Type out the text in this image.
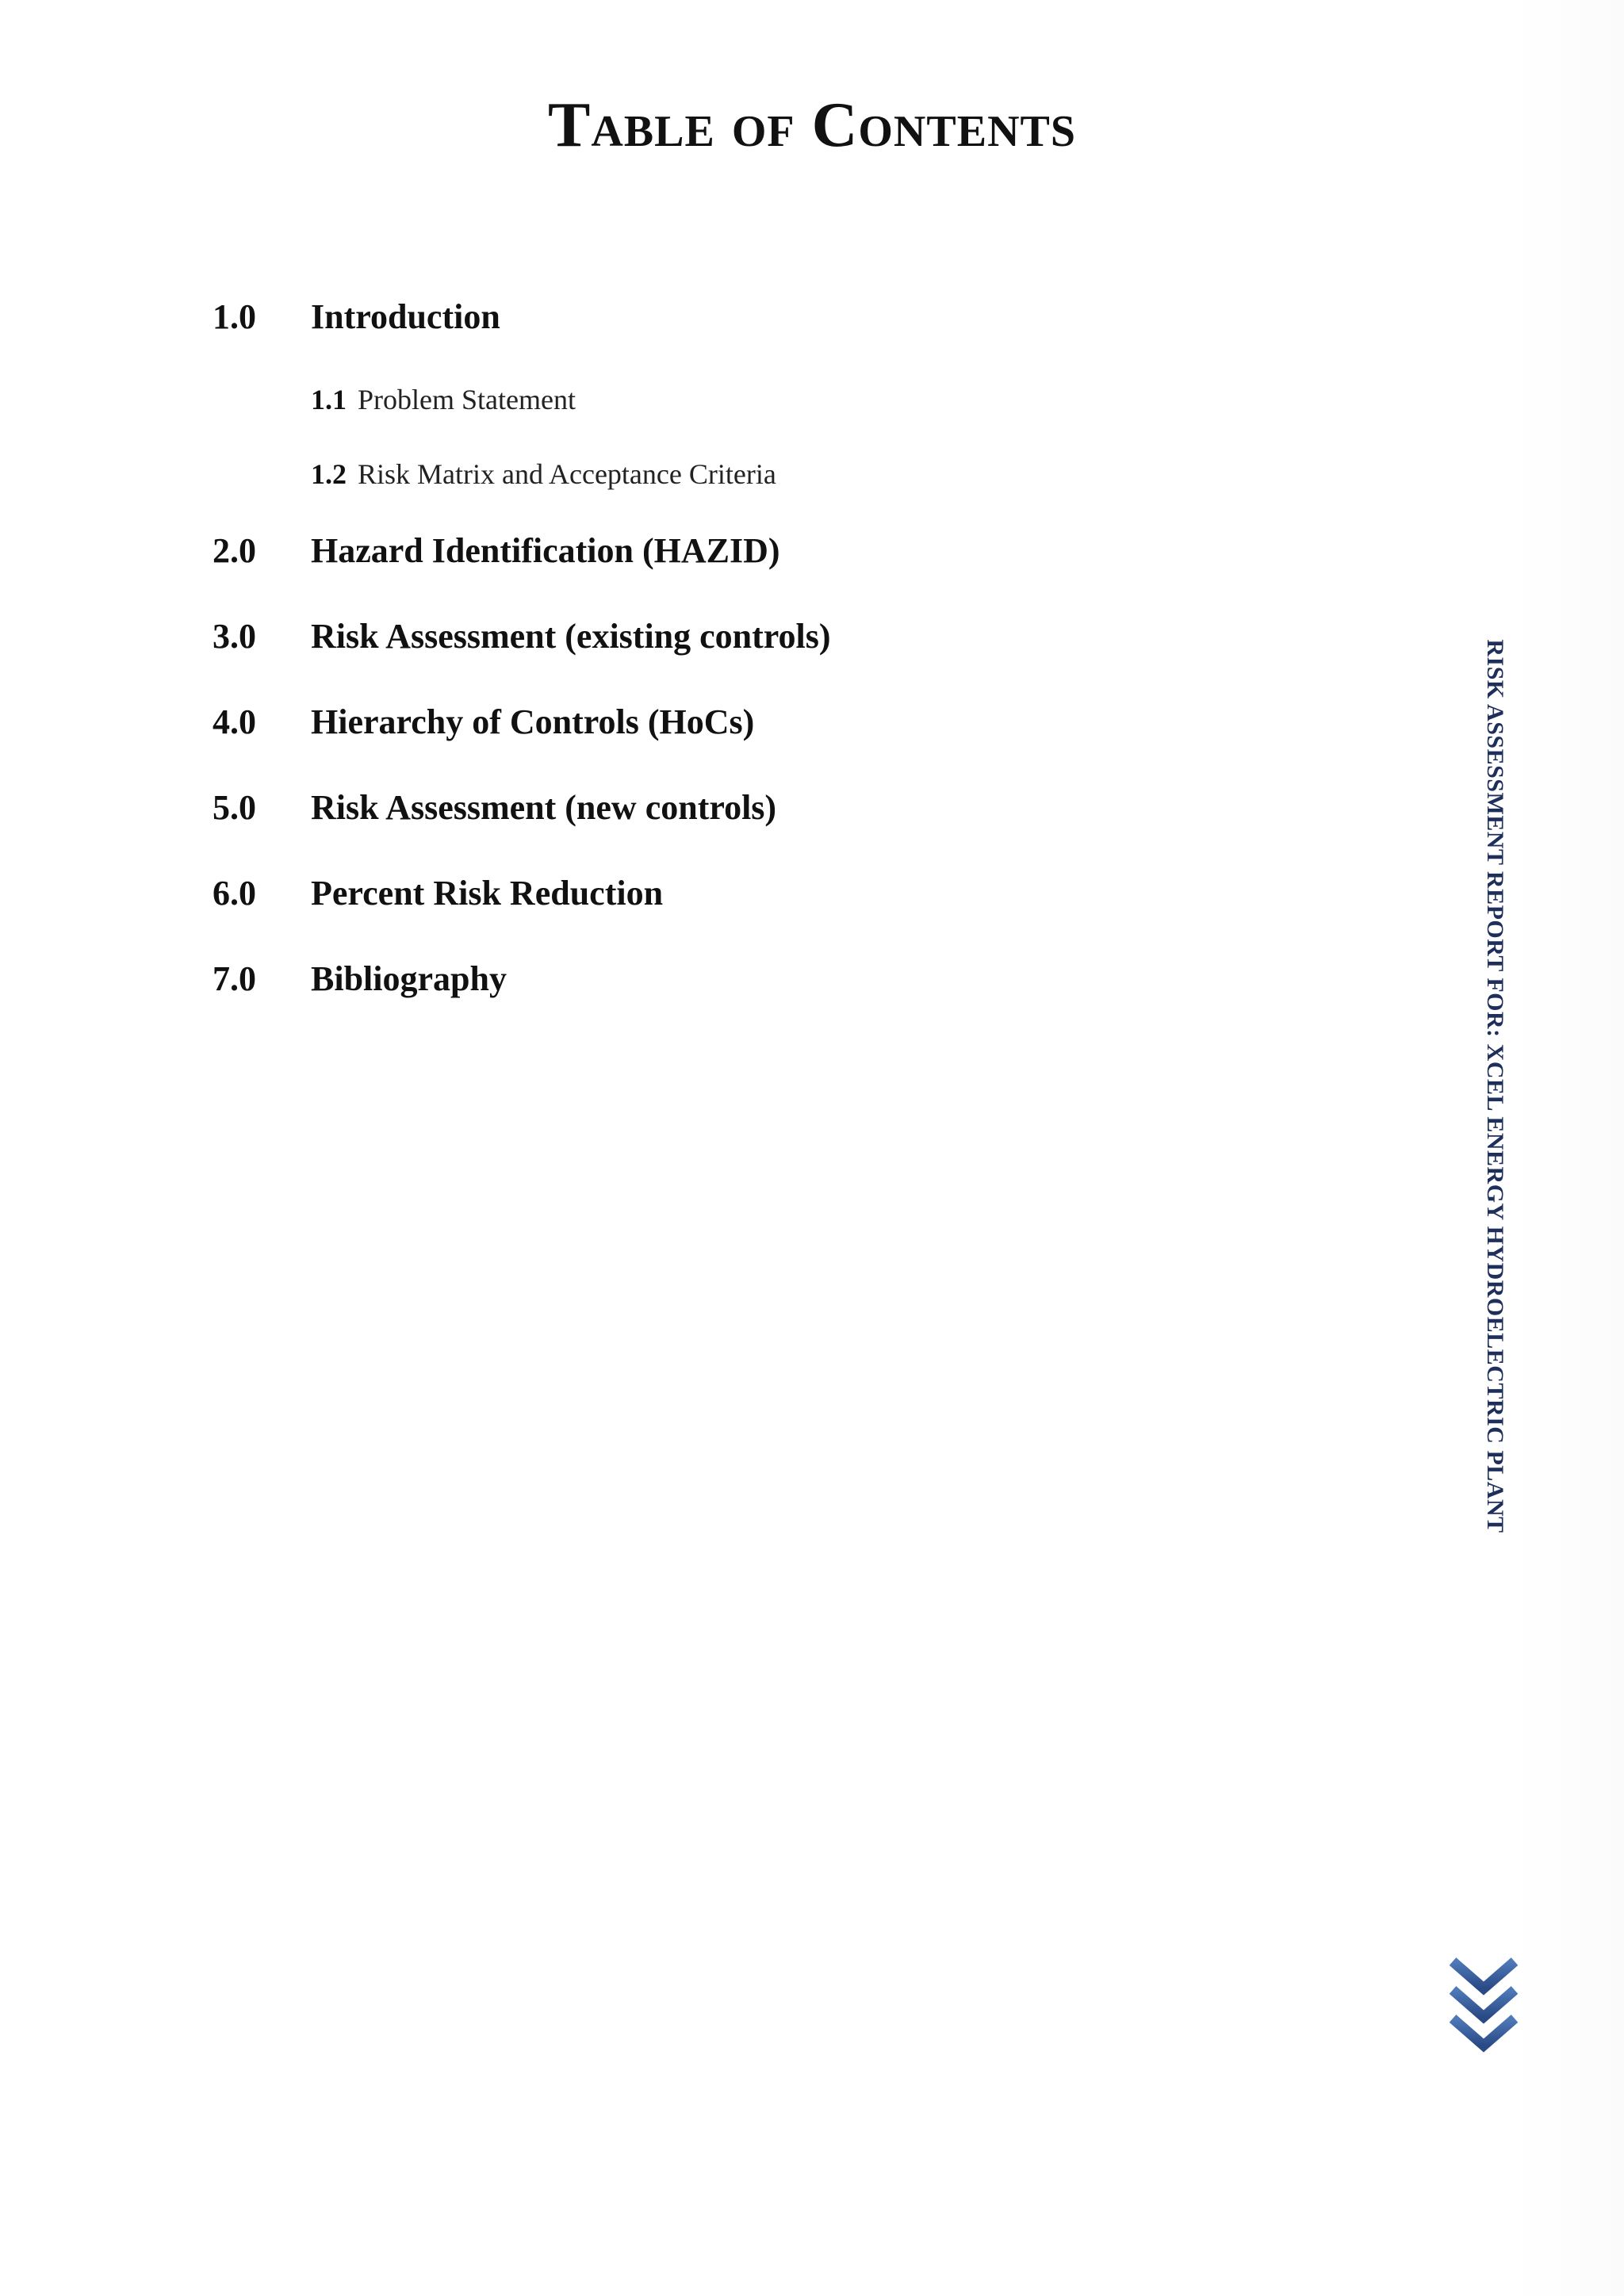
Table of Contents
1.0 Introduction
1.1 Problem Statement
1.2 Risk Matrix and Acceptance Criteria
2.0 Hazard Identification (HAZID)
3.0 Risk Assessment (existing controls)
4.0 Hierarchy of Controls (HoCs)
5.0 Risk Assessment (new controls)
6.0 Percent Risk Reduction
7.0 Bibliography	RISK ASSESSMENT REPORT FOR: XCEL ENERGY HYDROELECTRIC PLANT
